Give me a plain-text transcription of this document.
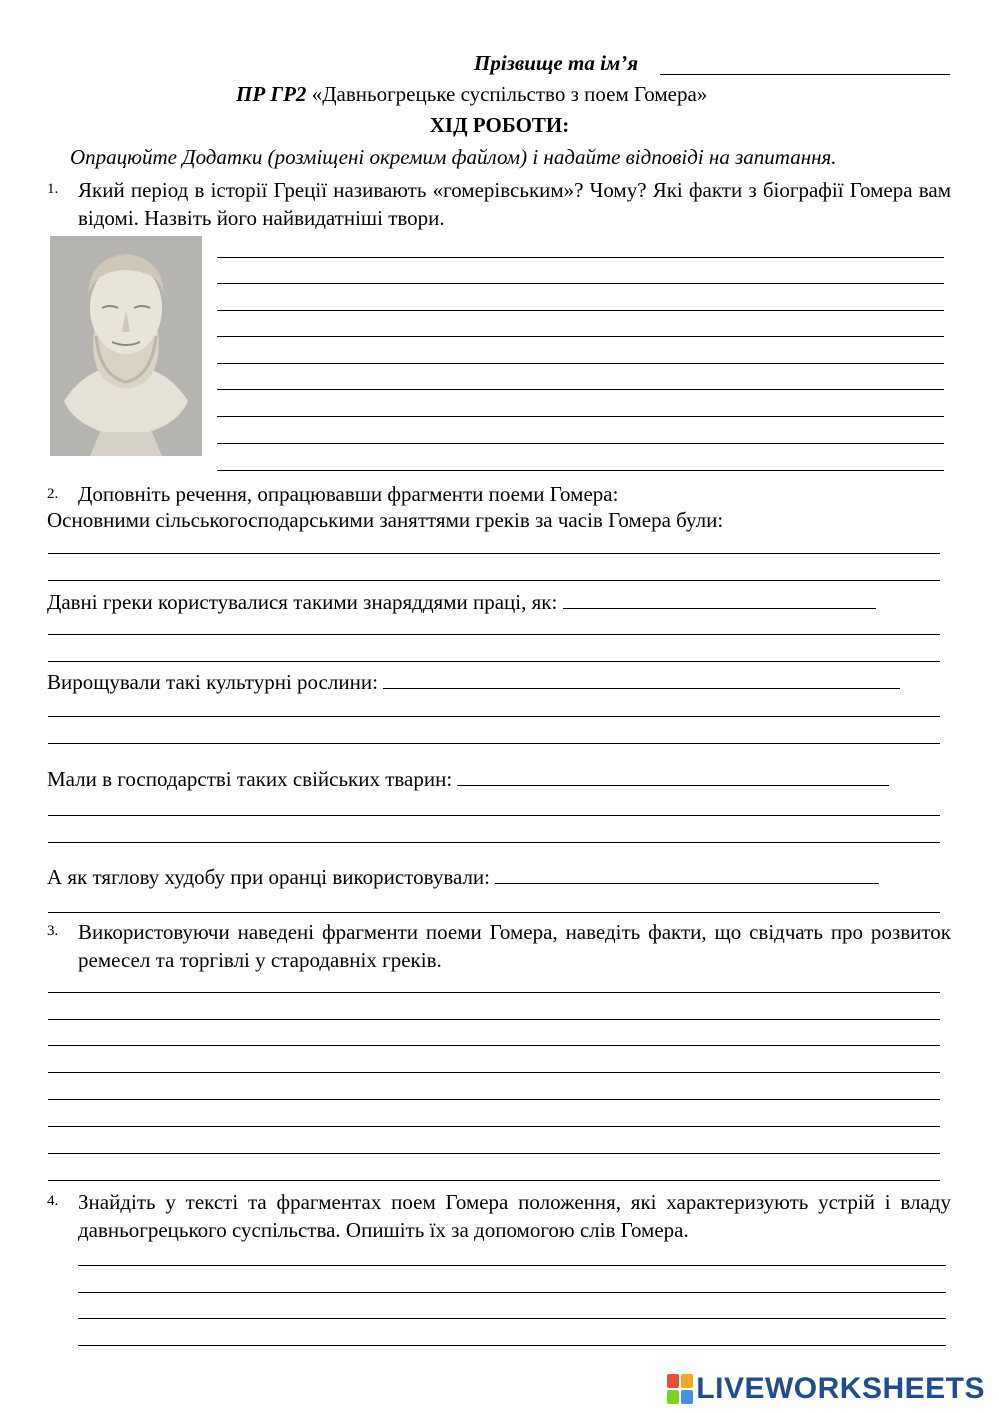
Прізвище та ім’я
ПР ГР2 «Давньогрецьке суспільство з поем Гомера»
ХІД РОБОТИ:
Опрацюйте Додатки (розміщені окремим файлом) і надайте відповіді на запитання.
1. Який період в історії Греції називають «гомерівським»? Чому? Які факти з біографії Гомера вам відомі. Назвіть його найвидатніші твори.
2. Доповніть речення, опрацювавши фрагменти поеми Гомера:
Основними сільськогосподарськими заняттями греків за часів Гомера були:
Давні греки користувалися такими знаряддями праці, як:
Вирощували такі культурні рослини:
Мали в господарстві таких свійських тварин:
А як тяглову худобу при оранці використовували:
3. Використовуючи наведені фрагменти поеми Гомера, наведіть факти, що свідчать про розвиток ремесел та торгівлі у стародавніх греків.
4. Знайдіть у тексті та фрагментах поем Гомера положення, які характеризують устрій і владу давньогрецького суспільства. Опишіть їх за допомогою слів Гомера.
LIVEWORKSHEETS
